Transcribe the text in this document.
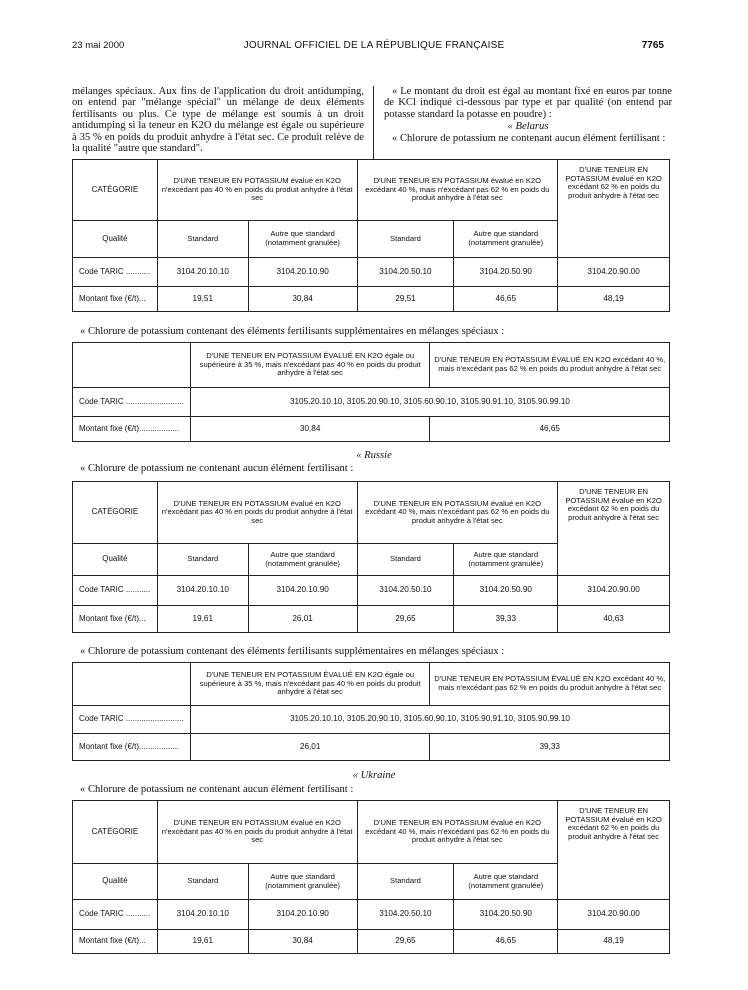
23 mai 2000	JOURNAL OFFICIEL DE LA RÉPUBLIQUE FRANÇAISE	7765

mélanges spéciaux. Aux fins de l'application du droit antidumping, on entend par "mélange spécial" un mélange de deux éléments fertilisants ou plus. Ce type de mélange est soumis à un droit antidumping si la teneur en K2O du mélange est égale ou supérieure à 35 % en poids du produit anhydre à l'état sec. Ce produit relève de la qualité "autre que standard".

« Le montant du droit est égal au montant fixé en euros par tonne de KCl indiqué ci-dessous par type et par qualité (on entend par potasse standard la potasse en poudre) :

« Belarus

« Chlorure de potassium ne contenant aucun élément fertilisant :

CATÉGORIE	D'UNE TENEUR EN POTASSIUM évalué en K2O n'excédant pas 40 % en poids du produit anhydre à l'état sec		D'UNE TENEUR EN POTASSIUM évalué en K2O excédant 40 %, mais n'excédant pas 62 % en poids du produit anhydre à l'état sec		D'UNE TENEUR EN POTASSIUM évalué en K2O excédant 62 % en poids du produit anhydre à l'état sec
Qualité	Standard	Autre que standard (notamment granulée)	Standard	Autre que standard (notamment granulée)	
Code TARIC ...........	3104.20.10.10	3104.20.10.90	3104.20.50.10	3104.20.50.90	3104.20.90.00
Montant fixe (€/t)...	19,51	30,84	29,51	46,65	48,19
« Chlorure de potassium contenant des éléments fertilisants supplémentaires en mélanges spéciaux :
	D'UNE TENEUR EN POTASSIUM ÉVALUÉ EN K2O égale ou supérieure à 35 %, mais n'excédant pas 40 % en poids du produit anhydre à l'état sec	D'UNE TENEUR EN POTASSIUM ÉVALUÉ EN K2O excédant 40 %, mais n'excédant pas 62 % en poids du produit anhydre à l'état sec
Code TARIC ..........................	3105.20.10.10, 3105.20.90.10, 3105.60.90.10, 3105.90.91.10, 3105.90.99.10	
Montant fixe (€/t)..................	30,84	46,65
« Russie
« Chlorure de potassium ne contenant aucun élément fertilisant :
CATÉGORIE	D'UNE TENEUR EN POTASSIUM évalué en K2O n'excédant pas 40 % en poids du produit anhydre à l'état sec		D'UNE TENEUR EN POTASSIUM évalué en K2O excédant 40 %, mais n'excédant pas 62 % en poids du produit anhydre à l'état sec		D'UNE TENEUR EN POTASSIUM évalué en K2O excédant 62 % en poids du produit anhydre à l'état sec
Qualité	Standard	Autre que standard (notamment granulée)	Standard	Autre que standard (notamment granulée)	
Code TARIC ...........	3104.20.10.10	3104.20.10.90	3104.20.50.10	3104.20.50.90	3104.20.90.00
Montant fixe (€/t)...	19,61	26,01	29,65	39,33	40,63
« Chlorure de potassium contenant des éléments fertilisants supplémentaires en mélanges spéciaux :
	D'UNE TENEUR EN POTASSIUM ÉVALUÉ EN K2O égale ou supérieure à 35 %, mais n'excédant pas 40 % en poids du produit anhydre à l'état sec	D'UNE TENEUR EN POTASSIUM ÉVALUÉ EN K2O excédant 40 %, mais n'excédant pas 62 % en poids du produit anhydre à l'état sec
Code TARIC ..........................	3105.20.10.10, 3105.20.90.10, 3105.60.90.10, 3105.90.91.10, 3105.90.99.10	
Montant fixe (€/t)..................	26,01	39,33
« Ukraine
« Chlorure de potassium ne contenant aucun élément fertilisant :
CATÉGORIE	D'UNE TENEUR EN POTASSIUM évalué en K2O n'excédant pas 40 % en poids du produit anhydre à l'état sec		D'UNE TENEUR EN POTASSIUM évalué en K2O excédant 40 %, mais n'excédant pas 62 % en poids du produit anhydre à l'état sec		D'UNE TENEUR EN POTASSIUM évalué en K2O excédant 62 % en poids du produit anhydre à l'état sec
Qualité	Standard	Autre que standard (notamment granulée)	Standard	Autre que standard (notamment granulée)	
Code TARIC ...........	3104.20.10.10	3104.20.10.90	3104.20.50.10	3104.20.50.90	3104.20.90.00
Montant fixe (€/t)...	19,61	30,84	29,65	46,65	48,19
